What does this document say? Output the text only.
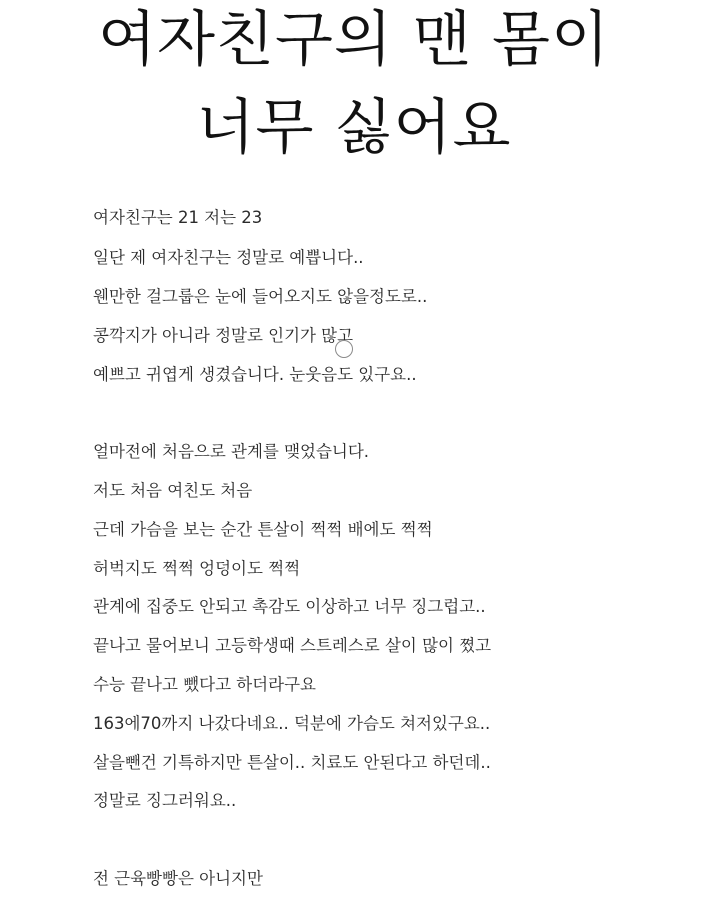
여자친구의 맨 몸이
너무 싫어요
여자친구는 21 저는 23
일단 제 여자친구는 정말로 예쁩니다..
웬만한 걸그룹은 눈에 들어오지도 않을정도로..
콩깍지가 아니라 정말로 인기가 많고
예쁘고 귀엽게 생겼습니다. 눈웃음도 있구요..
얼마전에 처음으로 관계를 맺었습니다.
저도 처음 여친도 처음
근데 가슴을 보는 순간 튼살이 쩍쩍 배에도 쩍쩍
허벅지도 쩍쩍 엉덩이도 쩍쩍
관계에 집중도 안되고 촉감도 이상하고 너무 징그럽고..
끝나고 물어보니 고등학생때 스트레스로 살이 많이 쪘고
수능 끝나고 뺐다고 하더라구요
163에70까지 나갔다네요.. 덕분에 가슴도 쳐저있구요..
살을뺀건 기특하지만 튼살이.. 치료도 안된다고 하던데..
정말로 징그러워요..
전 근육빵빵은 아니지만
